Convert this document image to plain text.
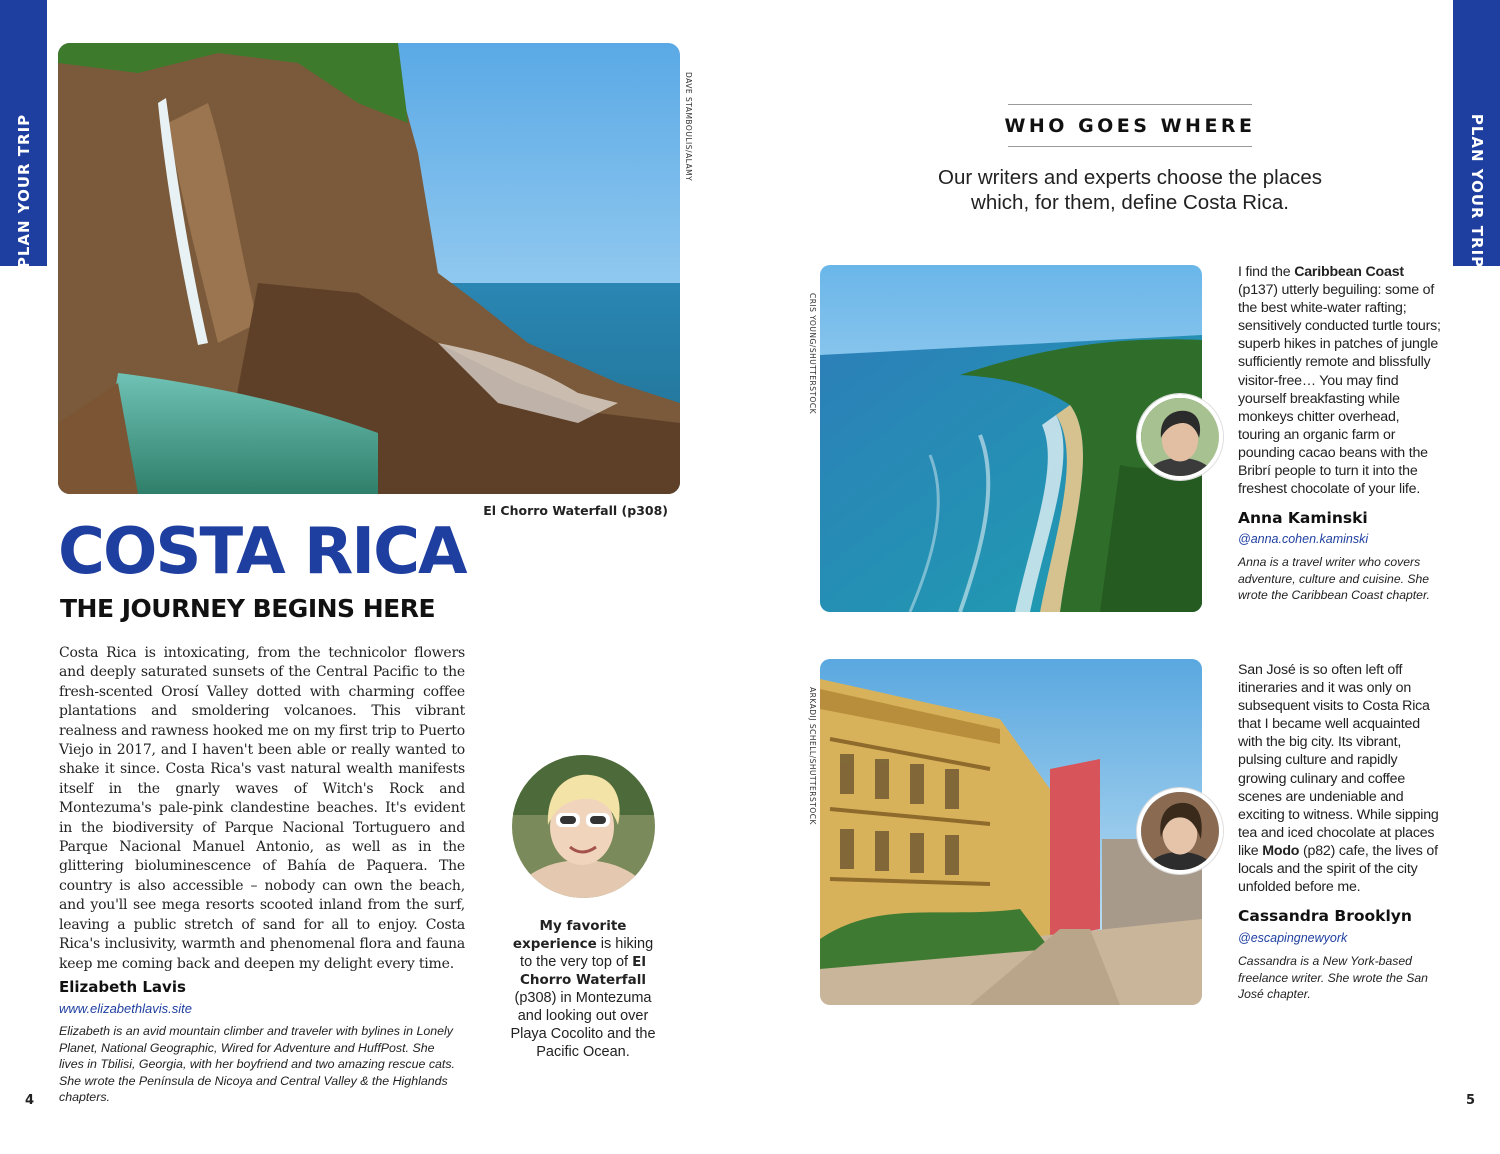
PLAN YOUR TRIP	PLAN YOUR TRIP
DAVE STAMBOULIS/ALAMY
El Chorro Waterfall (p308)
COSTA RICA
THE JOURNEY BEGINS HERE

Costa Rica is intoxicating, from the technicolor flowers and deeply saturated sunsets of the Central Pacific to the fresh-scented Orosí Valley dotted with charming coffee plantations and smoldering volcanoes. This vibrant realness and rawness hooked me on my first trip to Puerto Viejo in 2017, and I haven't been able or really wanted to shake it since. Costa Rica's vast natural wealth manifests itself in the gnarly waves of Witch's Rock and Montezuma's pale-pink clandestine beaches. It's evident in the biodiversity of Parque Nacional Tortuguero and Parque Nacional Manuel Antonio, as well as in the glittering bioluminescence of Bahía de Paquera. The country is also accessible – nobody can own the beach, and you'll see mega resorts scooted inland from the surf, leaving a public stretch of sand for all to enjoy. Costa Rica's inclusivity, warmth and phenomenal flora and fauna keep me coming back and deepen my delight every time.

Elizabeth Lavis
www.elizabethlavis.site

Elizabeth is an avid mountain climber and traveler with bylines in Lonely Planet, National Geographic, Wired for Adventure and HuffPost. She lives in Tbilisi, Georgia, with her boyfriend and two amazing rescue cats. She wrote the Península de Nicoya and Central Valley & the Highlands chapters.

My favorite experience is hiking to the very top of El Chorro Waterfall (p308) in Montezuma and looking out over Playa Cocolito and the Pacific Ocean.

4
WHO GOES WHERE
Our writers and experts choose the places
which, for them, define Costa Rica.
CRIS YOUNG/SHUTTERSTOCK

I find the Caribbean Coast (p137) utterly beguiling: some of the best white-water rafting; sensitively conducted turtle tours; superb hikes in patches of jungle sufficiently remote and blissfully visitor-free… You may find yourself breakfasting while monkeys chitter overhead, touring an organic farm or pounding cacao beans with the Bribrí people to turn it into the freshest chocolate of your life.

Anna Kaminski
@anna.cohen.kaminski

Anna is a travel writer who covers adventure, culture and cuisine. She wrote the Caribbean Coast chapter.

ARKADIJ SCHELL/SHUTTERSTOCK

San José is so often left off itineraries and it was only on subsequent visits to Costa Rica that I became well acquainted with the big city. Its vibrant, pulsing culture and rapidly growing culinary and coffee scenes are undeniable and exciting to witness. While sipping tea and iced chocolate at places like Modo (p82) cafe, the lives of locals and the spirit of the city unfolded before me.

Cassandra Brooklyn
@escapingnewyork

Cassandra is a New York-based freelance writer. She wrote the San José chapter.

5
